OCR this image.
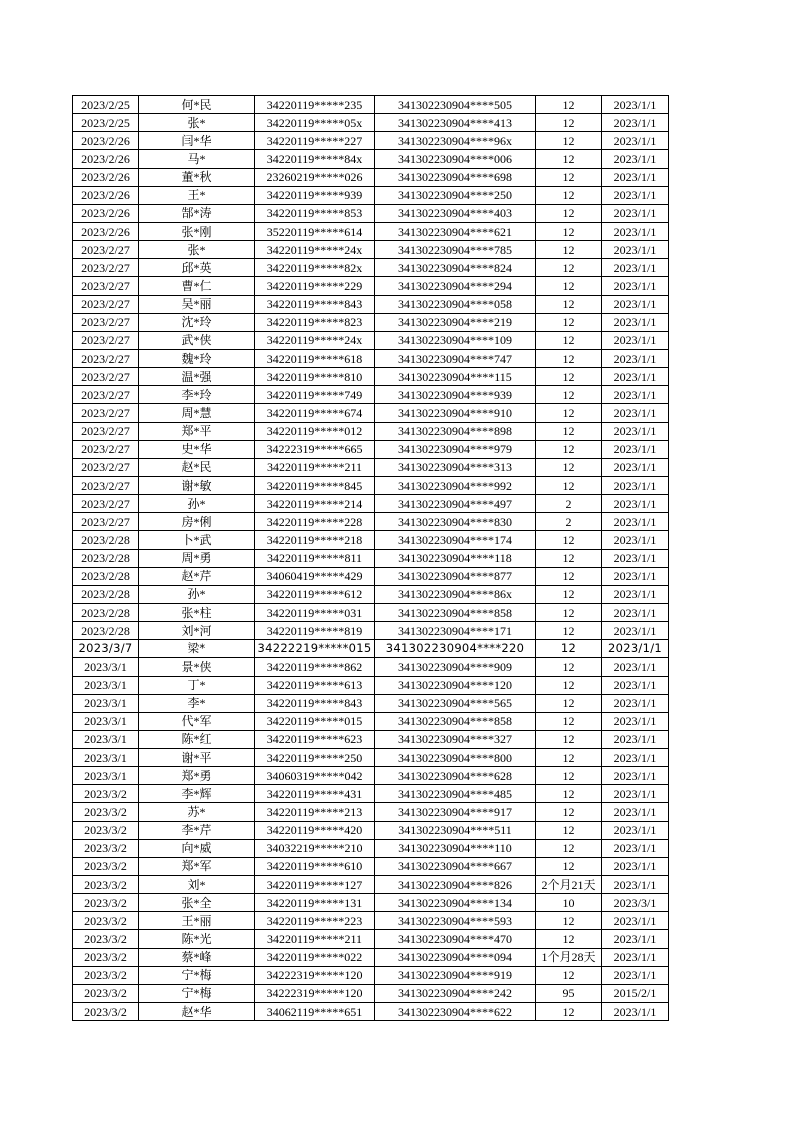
2023/2/25	何*民	34220119*****235	341302230904****505	12	2023/1/1
2023/2/25	张*	34220119*****05x	341302230904****413	12	2023/1/1
2023/2/26	闫*华	34220119*****227	341302230904****96x	12	2023/1/1
2023/2/26	马*	34220119*****84x	341302230904****006	12	2023/1/1
2023/2/26	董*秋	23260219*****026	341302230904****698	12	2023/1/1
2023/2/26	王*	34220119*****939	341302230904****250	12	2023/1/1
2023/2/26	郜*涛	34220119*****853	341302230904****403	12	2023/1/1
2023/2/26	张*刚	35220119*****614	341302230904****621	12	2023/1/1
2023/2/27	张*	34220119*****24x	341302230904****785	12	2023/1/1
2023/2/27	邱*英	34220119*****82x	341302230904****824	12	2023/1/1
2023/2/27	曹*仁	34220119*****229	341302230904****294	12	2023/1/1
2023/2/27	吴*丽	34220119*****843	341302230904****058	12	2023/1/1
2023/2/27	沈*玲	34220119*****823	341302230904****219	12	2023/1/1
2023/2/27	武*侠	34220119*****24x	341302230904****109	12	2023/1/1
2023/2/27	魏*玲	34220119*****618	341302230904****747	12	2023/1/1
2023/2/27	温*强	34220119*****810	341302230904****115	12	2023/1/1
2023/2/27	李*玲	34220119*****749	341302230904****939	12	2023/1/1
2023/2/27	周*慧	34220119*****674	341302230904****910	12	2023/1/1
2023/2/27	郑*平	34220119*****012	341302230904****898	12	2023/1/1
2023/2/27	史*华	34222319*****665	341302230904****979	12	2023/1/1
2023/2/27	赵*民	34220119*****211	341302230904****313	12	2023/1/1
2023/2/27	谢*敏	34220119*****845	341302230904****992	12	2023/1/1
2023/2/27	孙*	34220119*****214	341302230904****497	2	2023/1/1
2023/2/27	房*俐	34220119*****228	341302230904****830	2	2023/1/1
2023/2/28	卜*武	34220119*****218	341302230904****174	12	2023/1/1
2023/2/28	周*勇	34220119*****811	341302230904****118	12	2023/1/1
2023/2/28	赵*芹	34060419*****429	341302230904****877	12	2023/1/1
2023/2/28	孙*	34220119*****612	341302230904****86x	12	2023/1/1
2023/2/28	张*柱	34220119*****031	341302230904****858	12	2023/1/1
2023/2/28	刘*河	34220119*****819	341302230904****171	12	2023/1/1
2023/3/7	梁*	34222219*****015	341302230904****220	12	2023/1/1
2023/3/1	景*侠	34220119*****862	341302230904****909	12	2023/1/1
2023/3/1	丁*	34220119*****613	341302230904****120	12	2023/1/1
2023/3/1	李*	34220119*****843	341302230904****565	12	2023/1/1
2023/3/1	代*军	34220119*****015	341302230904****858	12	2023/1/1
2023/3/1	陈*红	34220119*****623	341302230904****327	12	2023/1/1
2023/3/1	谢*平	34220119*****250	341302230904****800	12	2023/1/1
2023/3/1	郑*勇	34060319*****042	341302230904****628	12	2023/1/1
2023/3/2	李*辉	34220119*****431	341302230904****485	12	2023/1/1
2023/3/2	苏*	34220119*****213	341302230904****917	12	2023/1/1
2023/3/2	李*芹	34220119*****420	341302230904****511	12	2023/1/1
2023/3/2	向*威	34032219*****210	341302230904****110	12	2023/1/1
2023/3/2	郑*军	34220119*****610	341302230904****667	12	2023/1/1
2023/3/2	刘*	34220119*****127	341302230904****826	2个月21天	2023/1/1
2023/3/2	张*全	34220119*****131	341302230904****134	10	2023/3/1
2023/3/2	王*丽	34220119*****223	341302230904****593	12	2023/1/1
2023/3/2	陈*光	34220119*****211	341302230904****470	12	2023/1/1
2023/3/2	蔡*峰	34220119*****022	341302230904****094	1个月28天	2023/1/1
2023/3/2	宁*梅	34222319*****120	341302230904****919	12	2023/1/1
2023/3/2	宁*梅	34222319*****120	341302230904****242	95	2015/2/1
2023/3/2	赵*华	34062119*****651	341302230904****622	12	2023/1/1
